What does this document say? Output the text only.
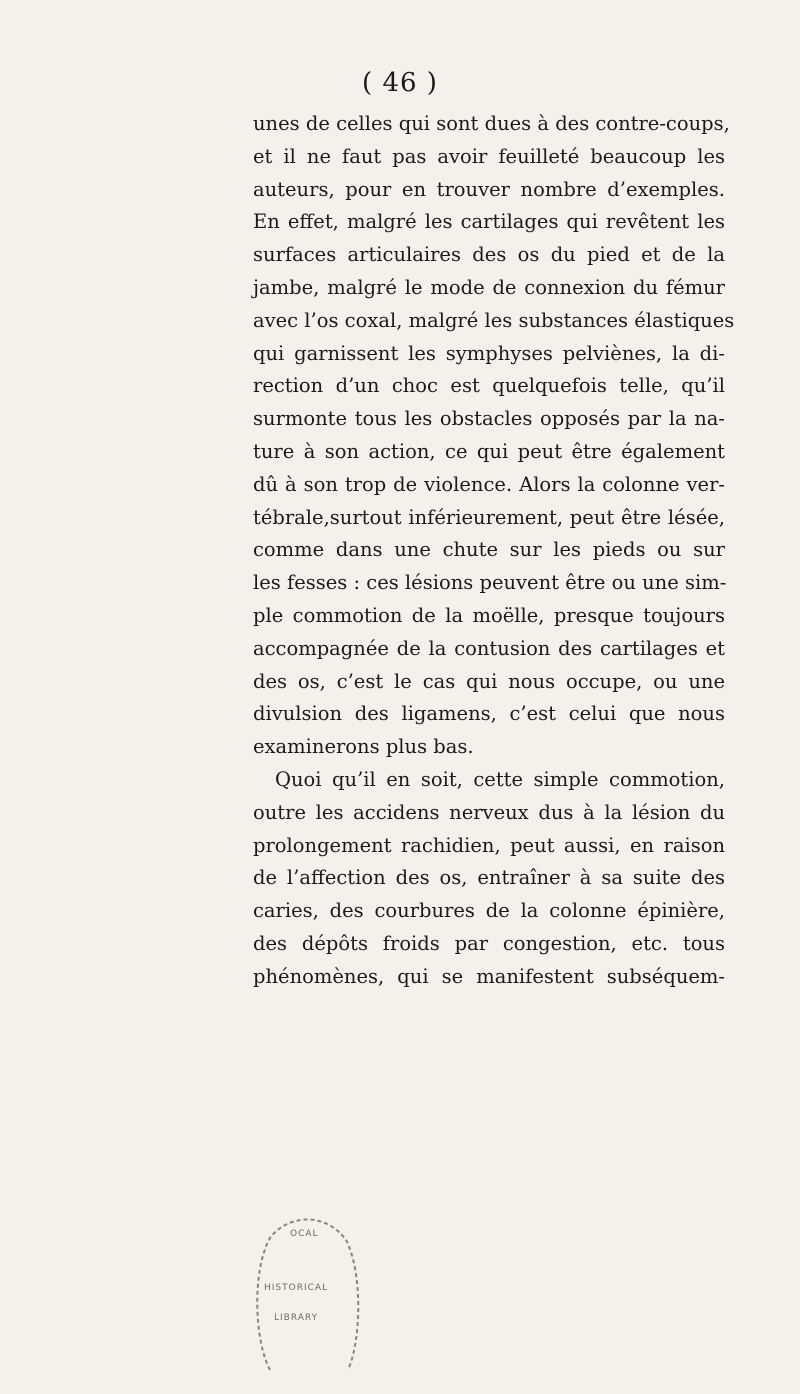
( 46 )
unes de celles qui sont dues à des contre-coups,
et il ne faut pas avoir feuilleté beaucoup les
auteurs, pour en trouver nombre d’exemples.
En effet, malgré les cartilages qui revêtent les
surfaces articulaires des os du pied et de la
jambe, malgré le mode de connexion du fémur
avec l’os coxal, malgré les substances élastiques
qui garnissent les symphyses pelviènes, la di-
rection d’un choc est quelquefois telle, qu’il
surmonte tous les obstacles opposés par la na-
ture à son action, ce qui peut être également
dû à son trop de violence. Alors la colonne ver-
tébrale,surtout inférieurement, peut être lésée,
comme dans une chute sur les pieds ou sur
les fesses : ces lésions peuvent être ou une sim-
ple commotion de la moëlle, presque toujours
accompagnée de la contusion des cartilages et
des os, c’est le cas qui nous occupe, ou une
divulsion des ligamens, c’est celui que nous
examinerons plus bas.
Quoi qu’il en soit, cette simple commotion,
outre les accidens nerveux dus à la lésion du
prolongement rachidien, peut aussi, en raison
de l’affection des os, entraîner à sa suite des
caries, des courbures de la colonne épinière,
des dépôts froids par congestion, etc. tous
phénomènes, qui se manifestent subséquem-
OCAL
HISTORICAL
LIBRARY
